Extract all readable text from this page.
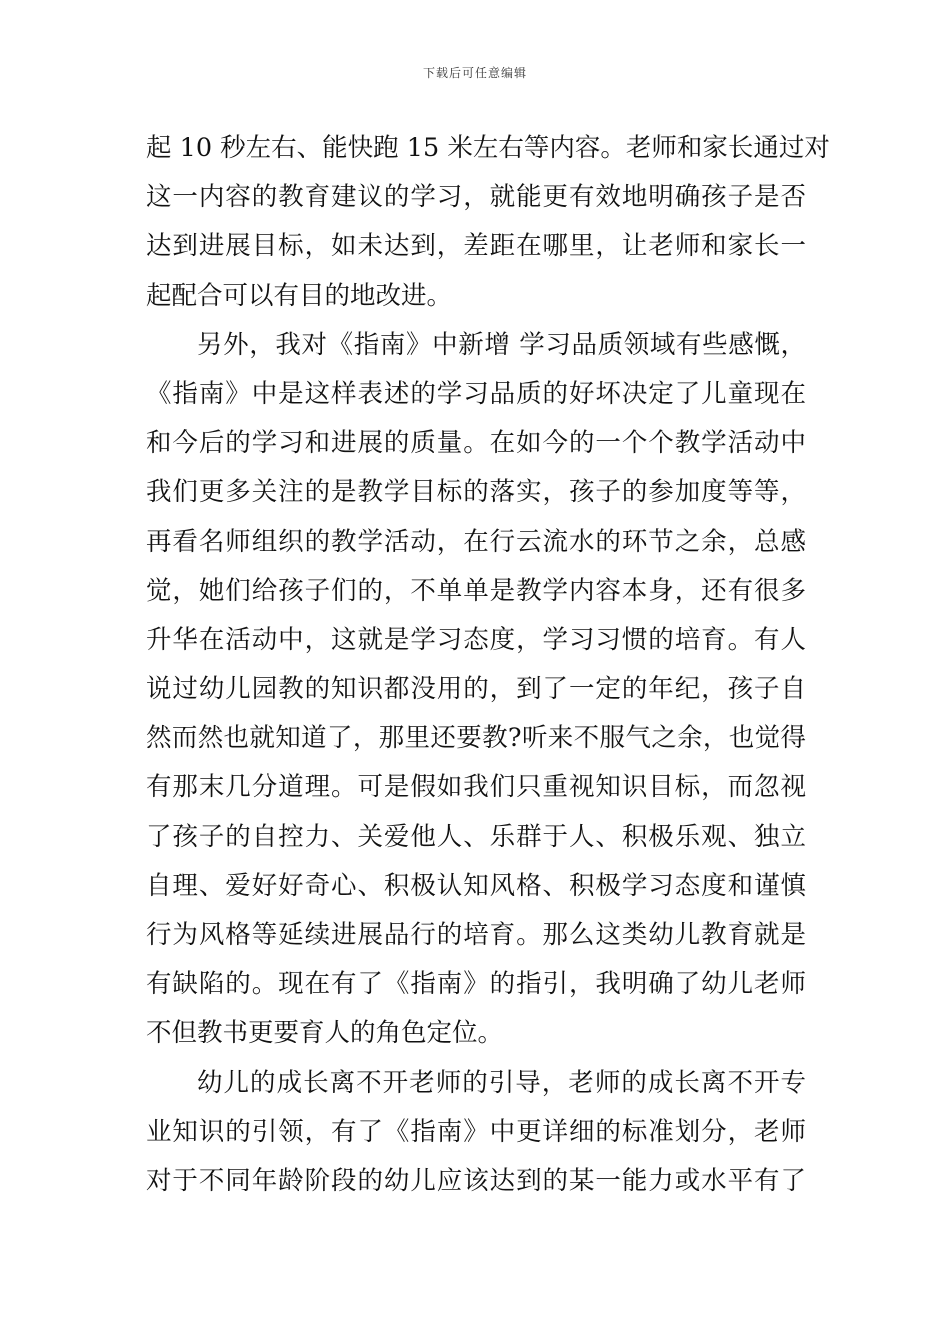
下载后可任意编辑
起 10 秒左右、能快跑 15 米左右等内容。老师和家长通过对
这一内容的教育建议的学习，就能更有效地明确孩子是否
达到进展目标，如未达到，差距在哪里，让老师和家长一
起配合可以有目的地改进。
另外，我对《指南》中新增 学习品质领域有些感慨，
《指南》中是这样表述的学习品质的好坏决定了儿童现在
和今后的学习和进展的质量。在如今的一个个教学活动中
我们更多关注的是教学目标的落实，孩子的参加度等等，
再看名师组织的教学活动，在行云流水的环节之余，总感
觉，她们给孩子们的，不单单是教学内容本身，还有很多
升华在活动中，这就是学习态度，学习习惯的培育。有人
说过幼儿园教的知识都没用的，到了一定的年纪，孩子自
然而然也就知道了，那里还要教?听来不服气之余，也觉得
有那末几分道理。可是假如我们只重视知识目标，而忽视
了孩子的自控力、关爱他人、乐群于人、积极乐观、独立
自理、爱好好奇心、积极认知风格、积极学习态度和谨慎
行为风格等延续进展品行的培育。那么这类幼儿教育就是
有缺陷的。现在有了《指南》的指引，我明确了幼儿老师
不但教书更要育人的角色定位。
幼儿的成长离不开老师的引导，老师的成长离不开专
业知识的引领，有了《指南》中更详细的标准划分，老师
对于不同年龄阶段的幼儿应该达到的某一能力或水平有了
